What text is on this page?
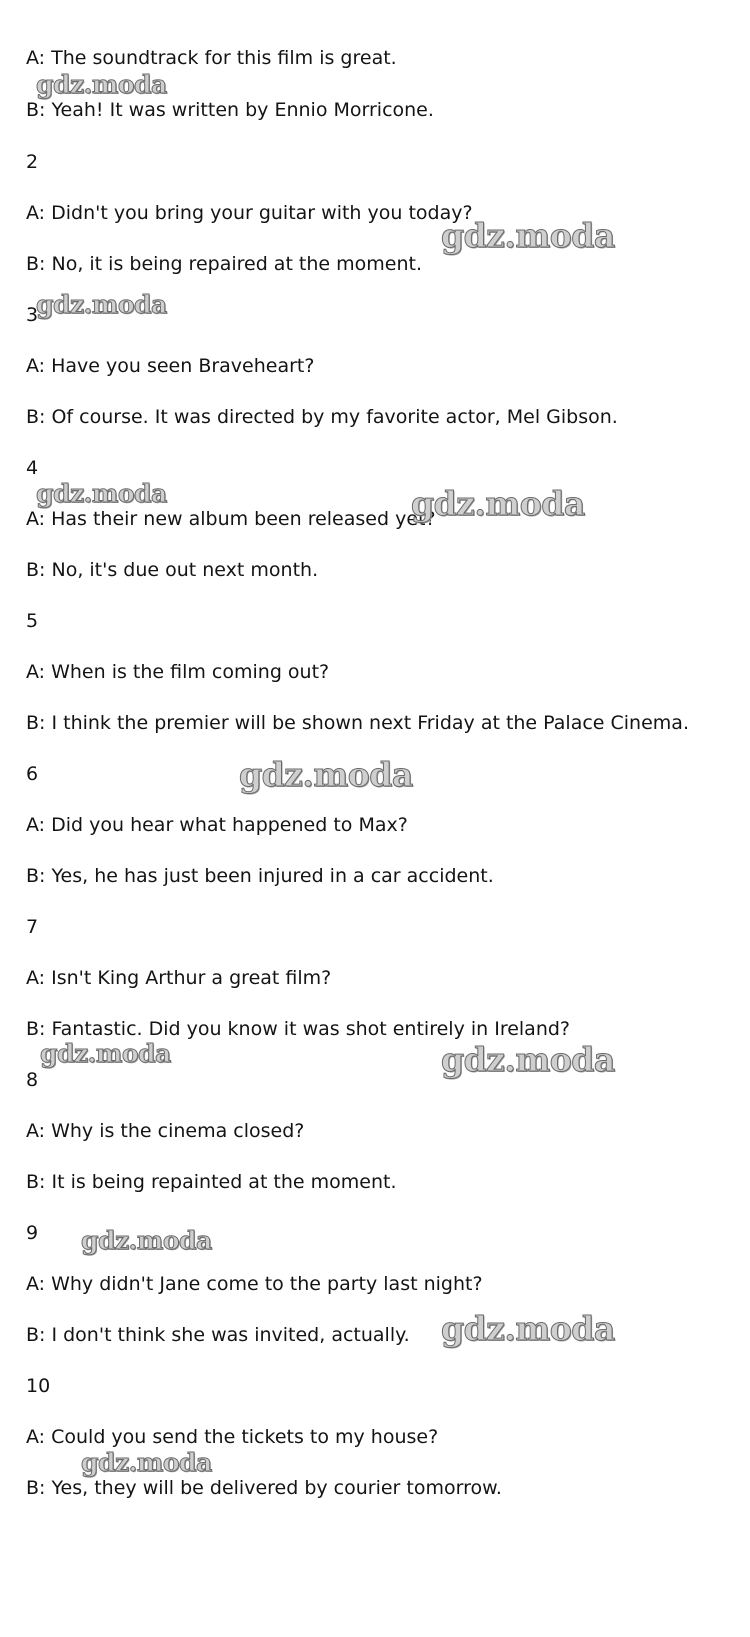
A: The soundtrack for this film is great.
B: Yeah! It was written by Ennio Morricone.
2
A: Didn't you bring your guitar with you today?
B: No, it is being repaired at the moment.
3
A: Have you seen Braveheart?
B: Of course. It was directed by my favorite actor, Mel Gibson.
4
A: Has their new album been released yet?
B: No, it's due out next month.
5
A: When is the film coming out?
B: I think the premier will be shown next Friday at the Palace Cinema.
6
A: Did you hear what happened to Max?
B: Yes, he has just been injured in a car accident.
7
A: Isn't King Arthur a great film?
B: Fantastic. Did you know it was shot entirely in Ireland?
8
A: Why is the cinema closed?
B: It is being repainted at the moment.
9
A: Why didn't Jane come to the party last night?
B: I don't think she was invited, actually.
10
A: Could you send the tickets to my house?
B: Yes, they will be delivered by courier tomorrow.
gdz.moda
gdz.moda
gdz.moda
gdz.moda	gdz.moda
gdz.moda
gdz.moda	gdz.moda
gdz.moda
gdz.moda
gdz.moda
